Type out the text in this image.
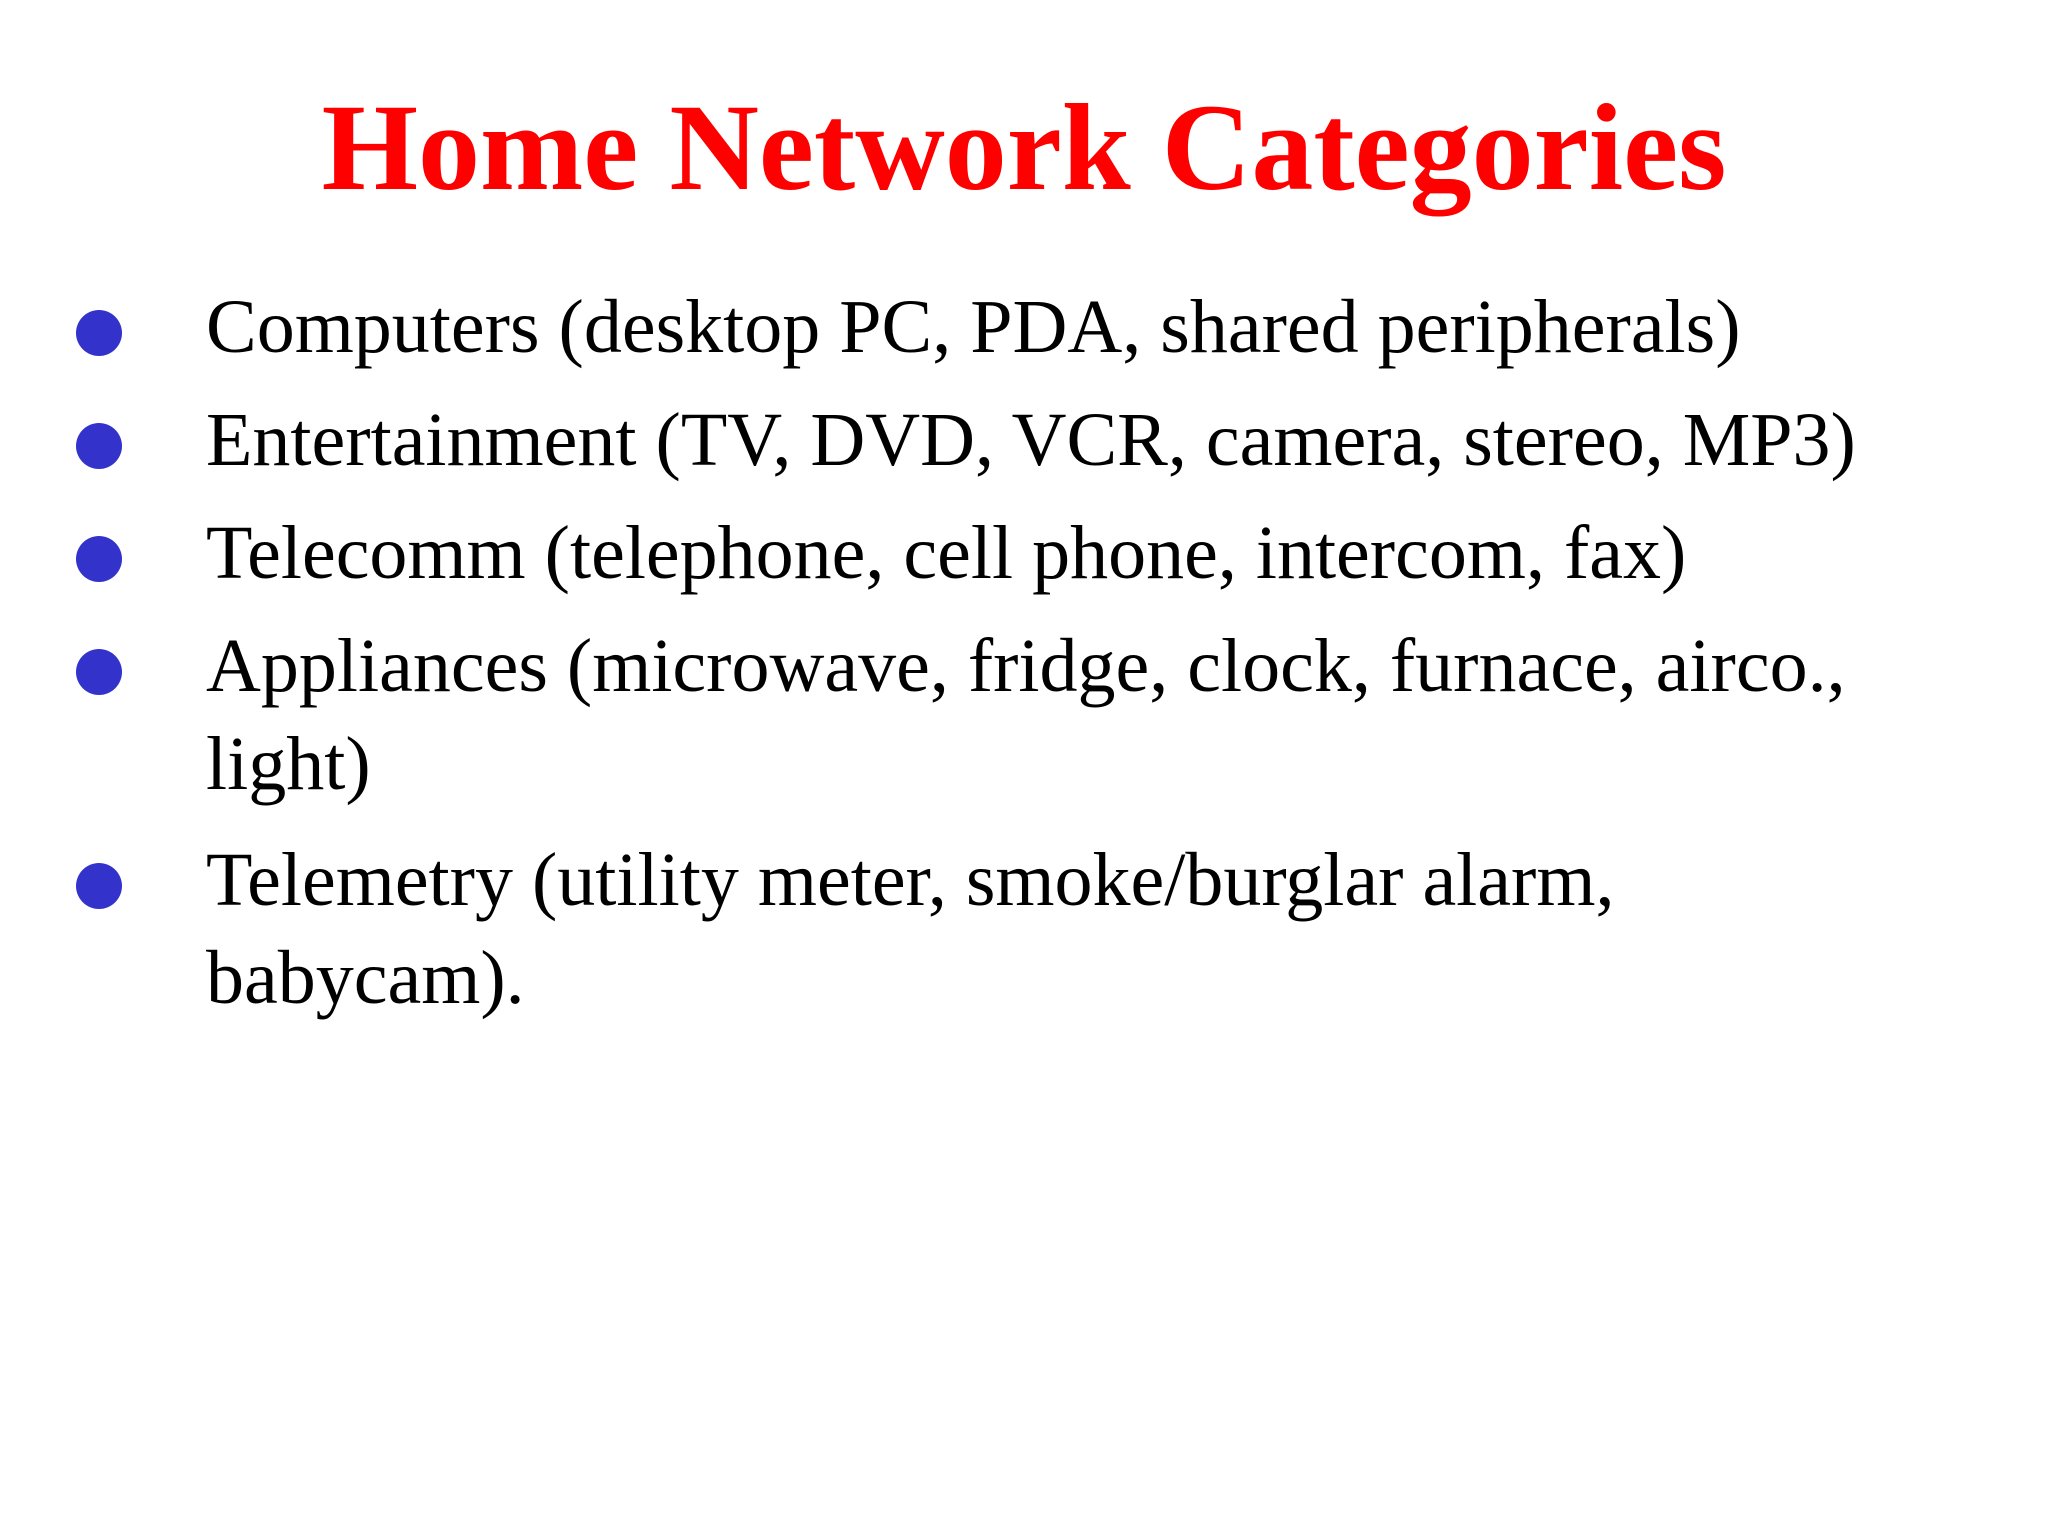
Home Network Categories
Computers (desktop PC, PDA, shared peripherals)
Entertainment (TV, DVD, VCR, camera, stereo, MP3)
Telecomm (telephone, cell phone, intercom, fax)
Appliances (microwave, fridge, clock, furnace, airco.,
light)
Telemetry (utility meter, smoke/burglar alarm,
babycam).
